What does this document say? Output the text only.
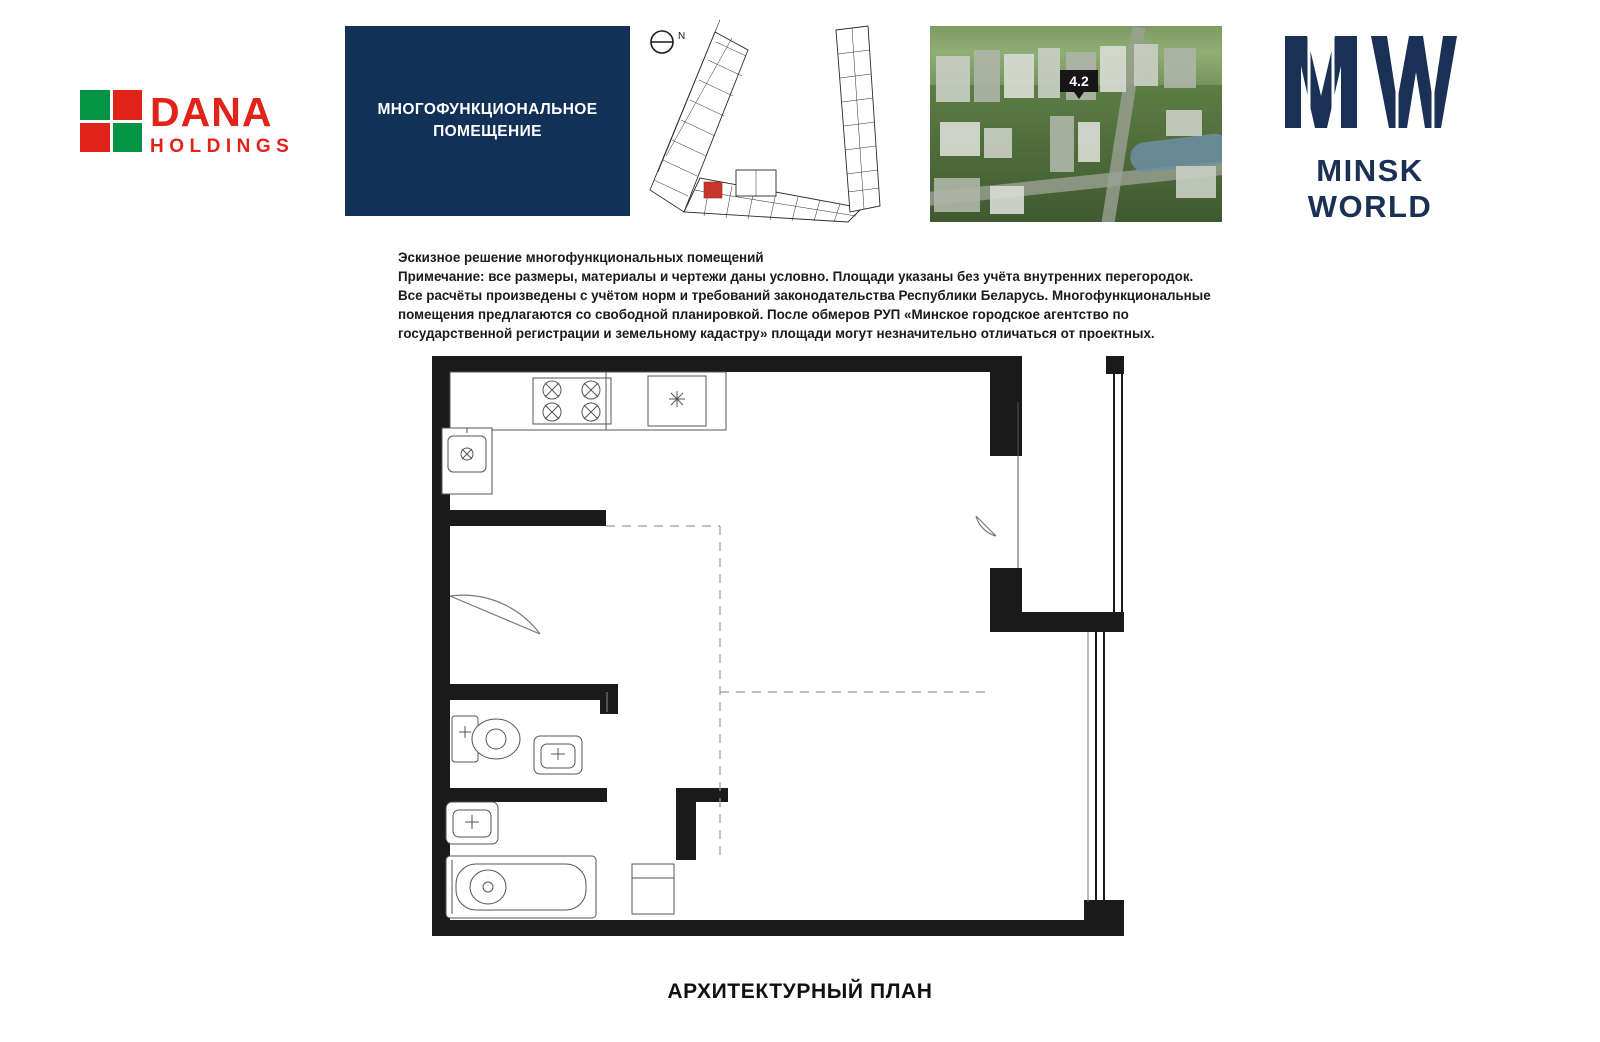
DANA
HOLDINGS
МНОГОФУНКЦИОНАЛЬНОЕ
ПОМЕЩЕНИЕ
N
4.2
MINSK WORLD
Эскизное решение многофункциональных помещений
Примечание: все размеры, материалы и чертежи даны условно. Площади указаны без учёта внутренних перегородок.
Все расчёты произведены с учётом норм и требований законодательства Республики Беларусь. Многофункциональные
помещения предлагаются со свободной планировкой. После обмеров РУП «Минское городское агентство по
государственной регистрации и земельному кадастру» площади могут незначительно отличаться от проектных.
АРХИТЕКТУРНЫЙ ПЛАН
